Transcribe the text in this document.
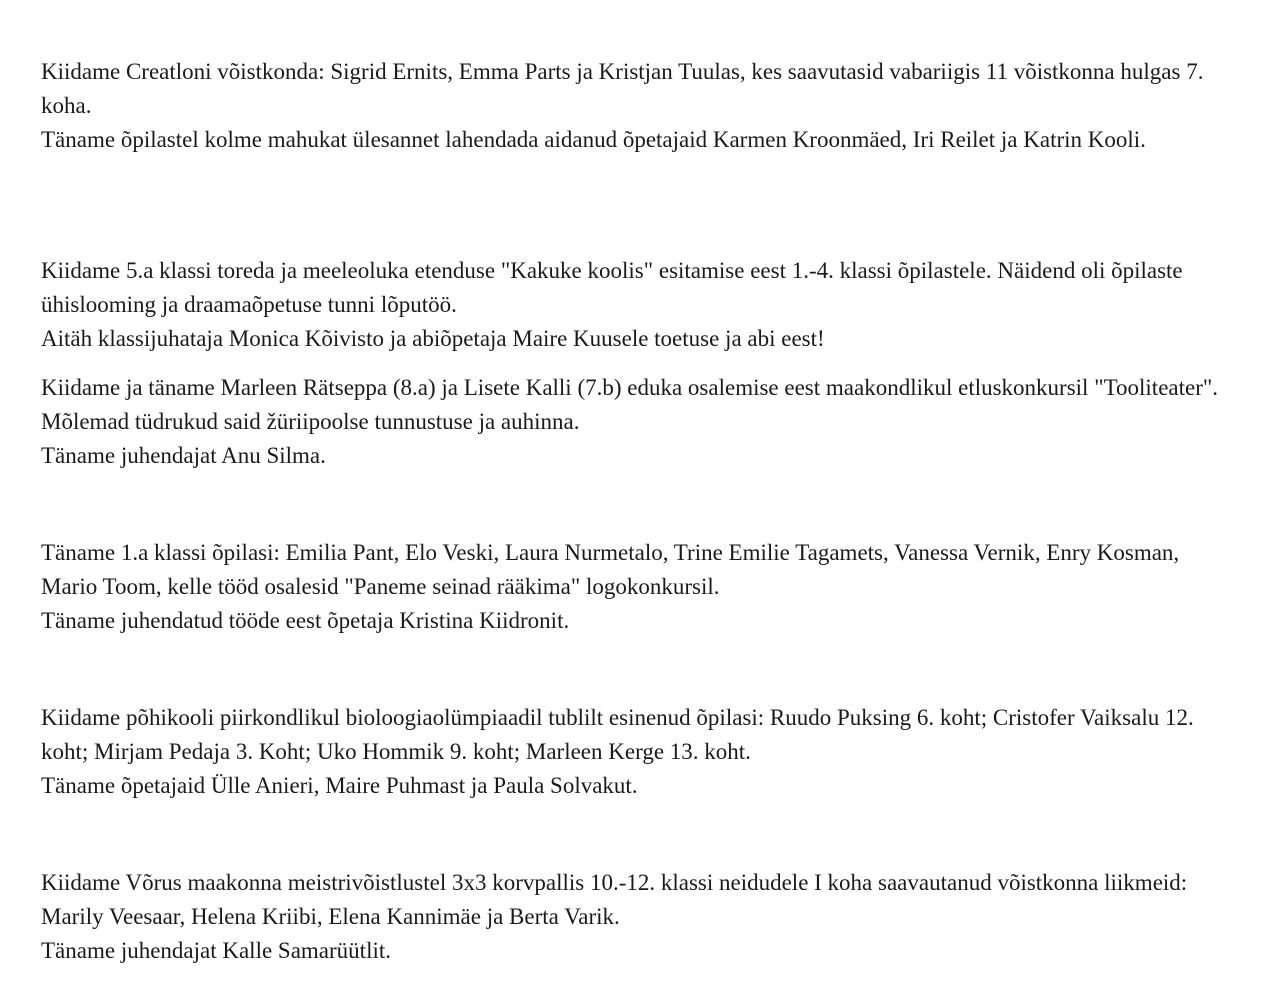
Kiidame Creatloni võistkonda: Sigrid Ernits, Emma Parts ja Kristjan Tuulas, kes saavutasid vabariigis 11 võistkonna hulgas 7. koha.

Täname õpilastel kolme mahukat ülesannet lahendada aidanud õpetajaid Karmen Kroonmäed, Iri Reilet ja Katrin Kooli.

Kiidame 5.a klassi toreda ja meeleoluka etenduse "Kakuke koolis" esitamise eest 1.-4. klassi õpilastele. Näidend oli õpilaste ühislooming ja draamaõpetuse tunni lõputöö.

Aitäh klassijuhataja Monica Kõivisto ja abiõpetaja Maire Kuusele toetuse ja abi eest!

Kiidame ja täname Marleen Rätseppa (8.a) ja Lisete Kalli (7.b) eduka osalemise eest maakondlikul etluskonkursil "Tooliteater". Mõlemad tüdrukud said žüriipoolse tunnustuse ja auhinna.

Täname juhendajat Anu Silma.

Täname 1.a klassi õpilasi: Emilia Pant, Elo Veski, Laura Nurmetalo, Trine Emilie Tagamets, Vanessa Vernik, Enry Kosman, Mario Toom, kelle tööd osalesid "Paneme seinad rääkima" logokonkursil.

Täname juhendatud tööde eest õpetaja Kristina Kiidronit.

Kiidame põhikooli piirkondlikul bioloogiaolümpiaadil tublilt esinenud õpilasi: Ruudo Puksing 6. koht; Cristofer Vaiksalu 12. koht; Mirjam Pedaja 3. Koht; Uko Hommik 9. koht; Marleen Kerge 13. koht.

Täname õpetajaid Ülle Anieri, Maire Puhmast ja Paula Solvakut.

Kiidame Võrus maakonna meistrivõistlustel 3x3 korvpallis 10.-12. klassi neidudele I koha saavautanud võistkonna liikmeid: Marily Veesaar, Helena Kriibi, Elena Kannimäe ja Berta Varik.

Täname juhendajat Kalle Samarüütlit.
